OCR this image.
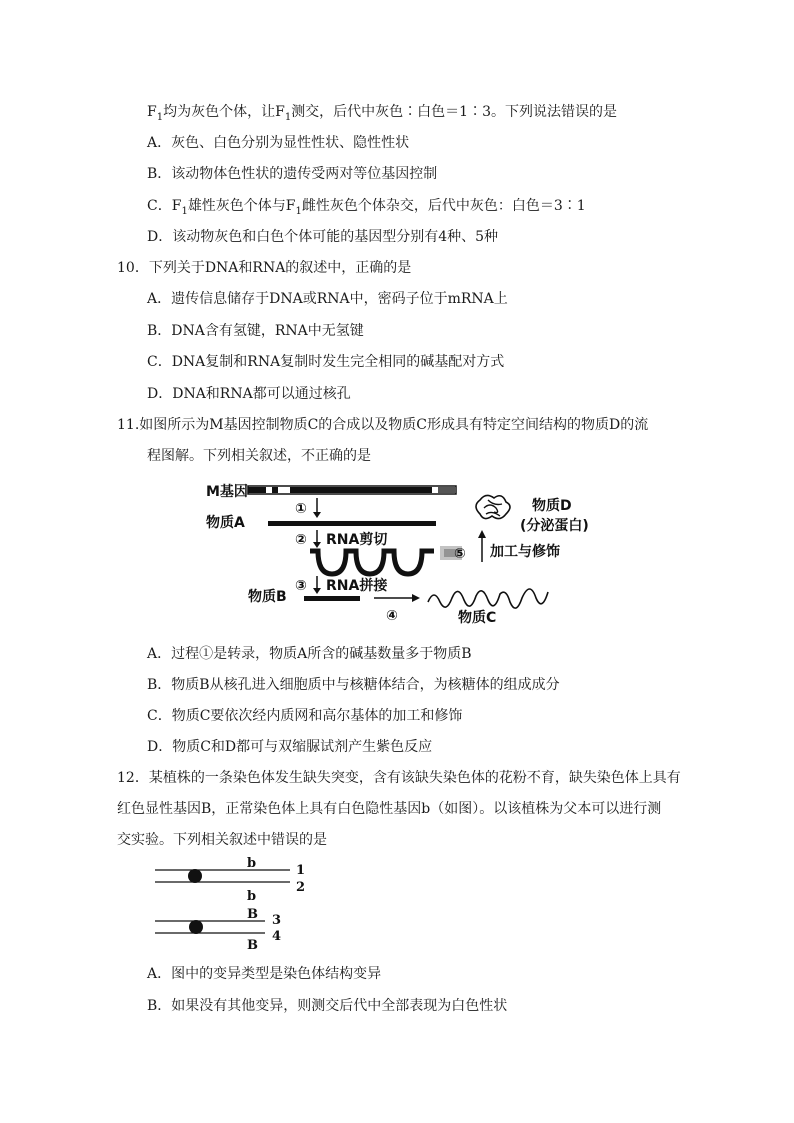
$F_1$均为灰色个体，让$F_1$测交，后代中灰色∶白色＝1∶3。下列说法错误的是
A．灰色、白色分别为显性性状、隐性性状
B．该动物体色性状的遗传受两对等位基因控制
C．$F_1$雄性灰色个体与$F_1$雌性灰色个体杂交，后代中灰色：白色＝3∶1
D．该动物灰色和白色个体可能的基因型分别有4种、5种
10．下列关于DNA和RNA的叙述中，正确的是
A．遗传信息储存于DNA或RNA中，密码子位于mRNA上
B．DNA含有氢键，RNA中无氢键
C．DNA复制和RNA复制时发生完全相同的碱基配对方式
D．DNA和RNA都可以通过核孔
11.如图所示为M基因控制物质C的合成以及物质C形成具有特定空间结构的物质D的流
程图解。下列相关叙述，不正确的是
M基因
①
物质A
② RNA剪切
③ RNA拼接
物质B
④	物质C
⑤ 加工与修饰
物质D
(分泌蛋白)
A．过程①是转录，物质A所含的碱基数量多于物质B
B．物质B从核孔进入细胞质中与核糖体结合，为核糖体的组成成分
C．物质C要依次经内质网和高尔基体的加工和修饰
D．物质C和D都可与双缩脲试剂产生紫色反应
12．某植株的一条染色体发生缺失突变，含有该缺失染色体的花粉不育，缺失染色体上具有
红色显性基因B，正常染色体上具有白色隐性基因b（如图）。以该植株为父本可以进行测
交实验。下列相关叙述中错误的是
b	1
2
b
B 3
4
B
A．图中的变异类型是染色体结构变异
B．如果没有其他变异，则测交后代中全部表现为白色性状
